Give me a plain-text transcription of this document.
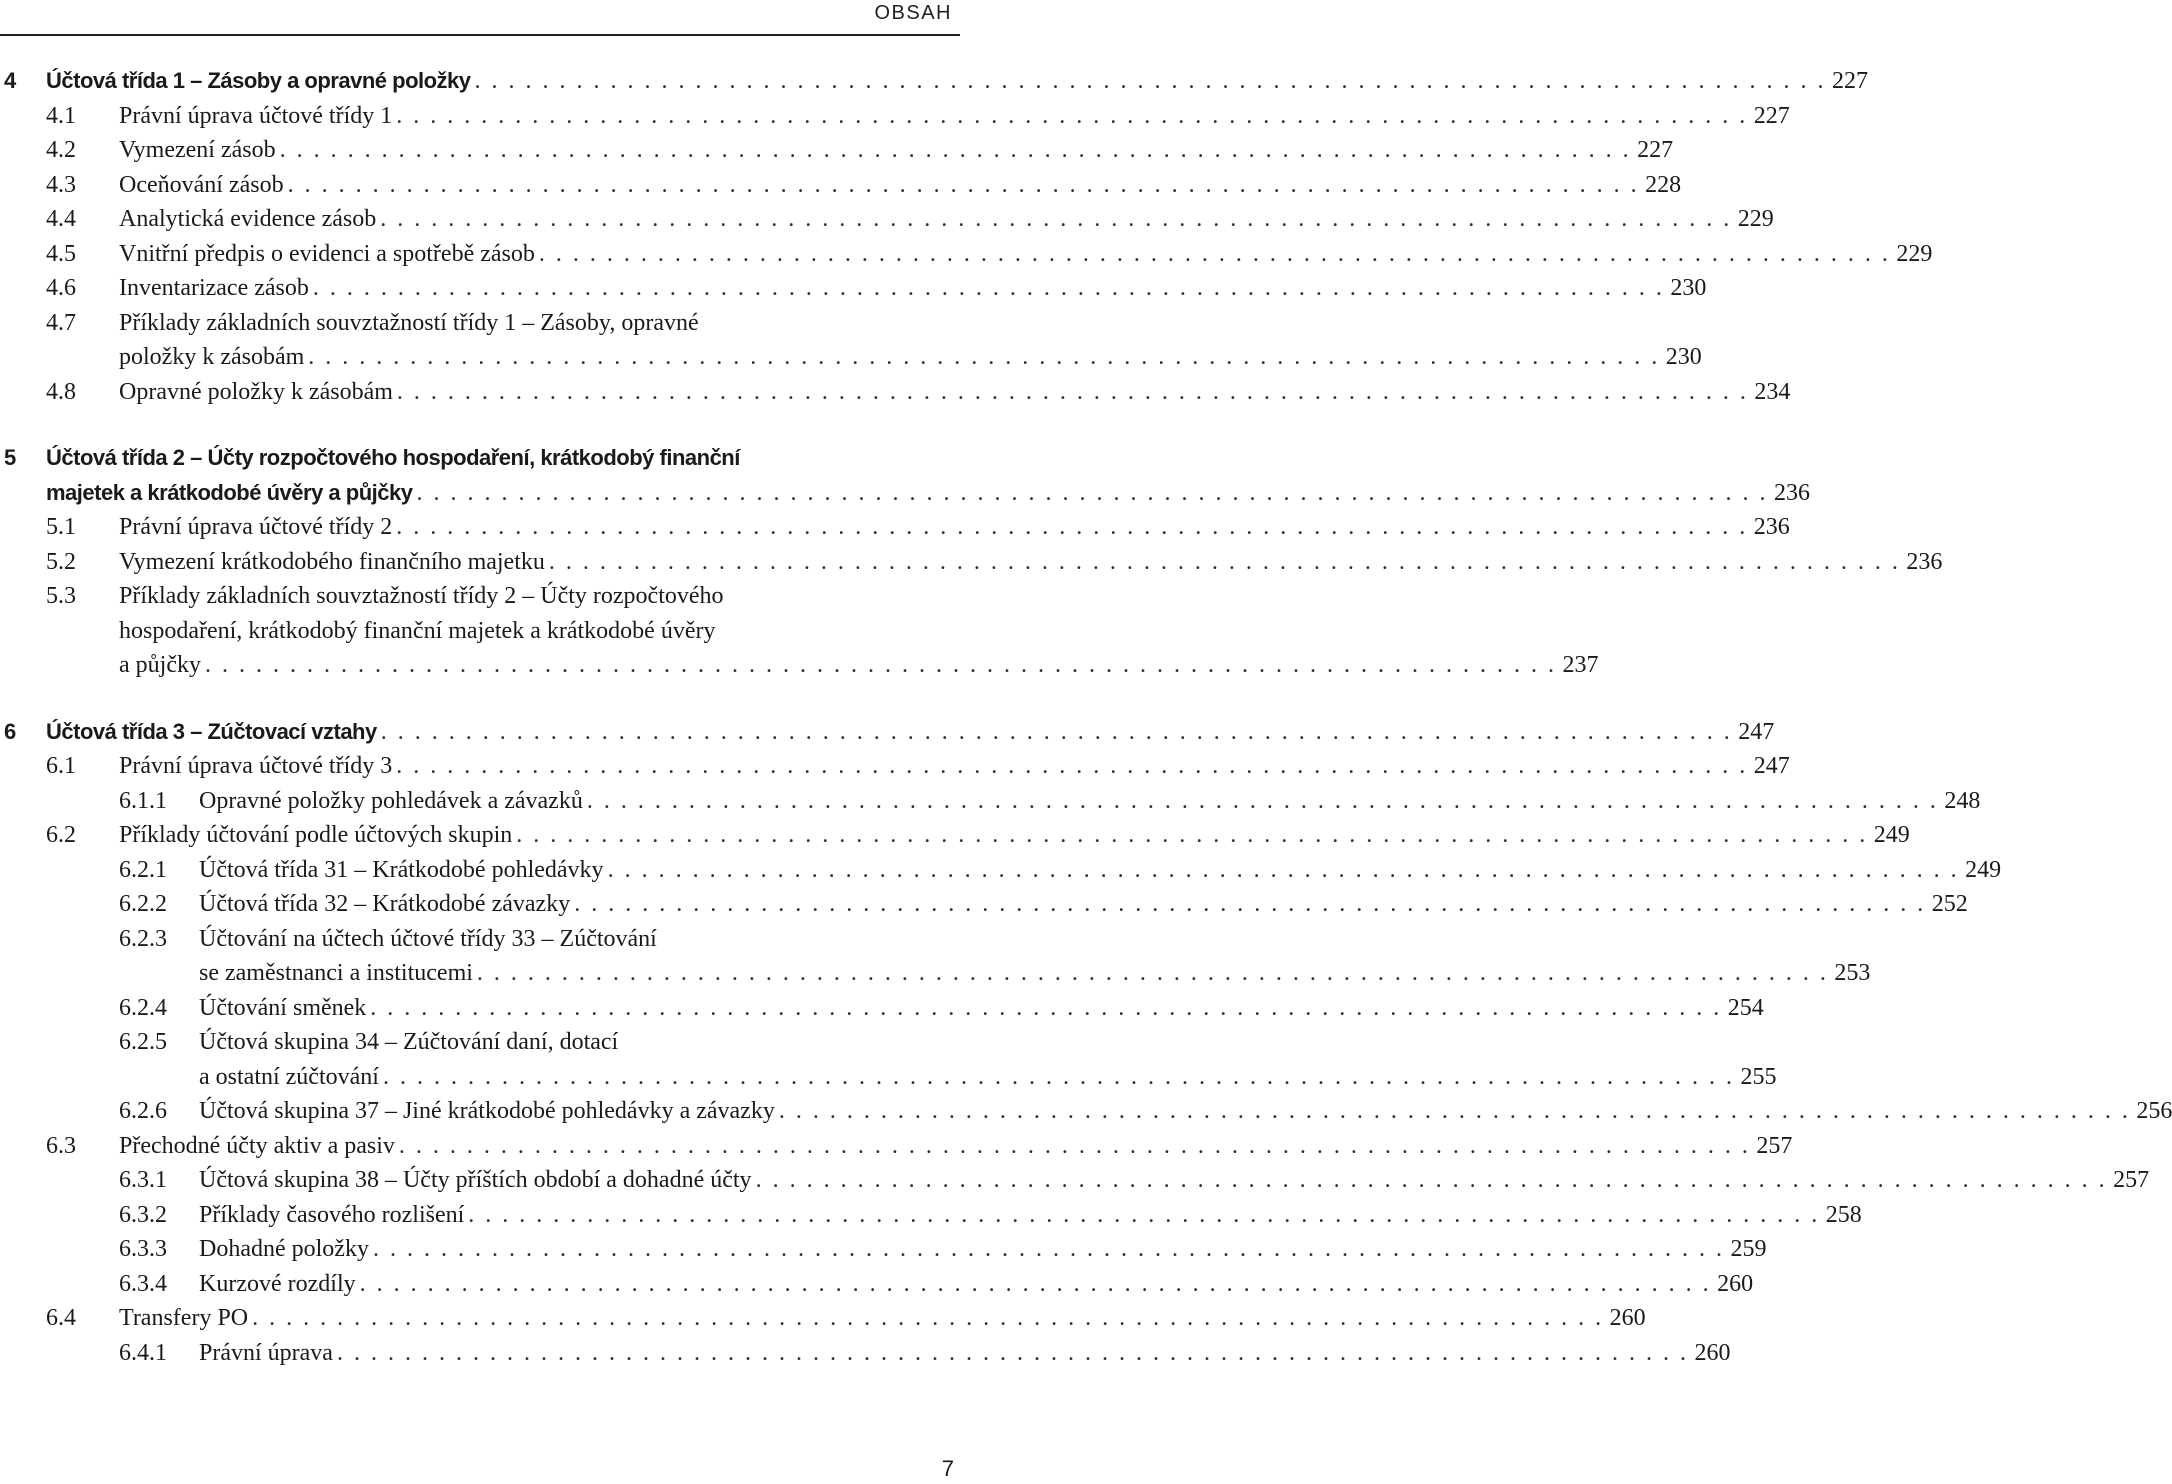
OBSAH
4 Účtová třída 1 – Zásoby a opravné položky . . . . . . . . . . . . . . . . . . . . . . . . . . . . . . . . . . . . . . . . . . . . . . . . . . . . . . . . . . . . . . . . . . . . . . . . . . . . . . . . 227
4.1 Právní úprava účtové třídy 1 . . . . . . . . . . . . . . . . . . . . . . . . . . . . . . . . . . . . . . . . . . . . . . . . . . . . . . . . . . . . . . . . . . . . . . . . . . . . . . . . 227
4.2 Vymezení zásob . . . . . . . . . . . . . . . . . . . . . . . . . . . . . . . . . . . . . . . . . . . . . . . . . . . . . . . . . . . . . . . . . . . . . . . . . . . . . . . . 227
4.3 Oceňování zásob . . . . . . . . . . . . . . . . . . . . . . . . . . . . . . . . . . . . . . . . . . . . . . . . . . . . . . . . . . . . . . . . . . . . . . . . . . . . . . . . 228
4.4 Analytická evidence zásob . . . . . . . . . . . . . . . . . . . . . . . . . . . . . . . . . . . . . . . . . . . . . . . . . . . . . . . . . . . . . . . . . . . . . . . . . . . . . . . . 229
4.5 Vnitřní předpis o evidenci a spotřebě zásob . . . . . . . . . . . . . . . . . . . . . . . . . . . . . . . . . . . . . . . . . . . . . . . . . . . . . . . . . . . . . . . . . . . . . . . . . . . . . . . . 229
4.6 Inventarizace zásob . . . . . . . . . . . . . . . . . . . . . . . . . . . . . . . . . . . . . . . . . . . . . . . . . . . . . . . . . . . . . . . . . . . . . . . . . . . . . . . . 230
4.7 Příklady základních souvztažností třídy 1 – Zásoby, opravné
položky k zásobám . . . . . . . . . . . . . . . . . . . . . . . . . . . . . . . . . . . . . . . . . . . . . . . . . . . . . . . . . . . . . . . . . . . . . . . . . . . . . . . . 230
4.8 Opravné položky k zásobám . . . . . . . . . . . . . . . . . . . . . . . . . . . . . . . . . . . . . . . . . . . . . . . . . . . . . . . . . . . . . . . . . . . . . . . . . . . . . . . . 234
5 Účtová třída 2 – Účty rozpočtového hospodaření, krátkodobý finanční
majetek a krátkodobé úvěry a půjčky . . . . . . . . . . . . . . . . . . . . . . . . . . . . . . . . . . . . . . . . . . . . . . . . . . . . . . . . . . . . . . . . . . . . . . . . . . . . . . . . 236
5.1 Právní úprava účtové třídy 2 . . . . . . . . . . . . . . . . . . . . . . . . . . . . . . . . . . . . . . . . . . . . . . . . . . . . . . . . . . . . . . . . . . . . . . . . . . . . . . . . 236
5.2 Vymezení krátkodobého finančního majetku . . . . . . . . . . . . . . . . . . . . . . . . . . . . . . . . . . . . . . . . . . . . . . . . . . . . . . . . . . . . . . . . . . . . . . . . . . . . . . . . 236
5.3 Příklady základních souvztažností třídy 2 – Účty rozpočtového
hospodaření, krátkodobý finanční majetek a krátkodobé úvěry
a půjčky . . . . . . . . . . . . . . . . . . . . . . . . . . . . . . . . . . . . . . . . . . . . . . . . . . . . . . . . . . . . . . . . . . . . . . . . . . . . . . . . 237
6 Účtová třída 3 – Zúčtovací vztahy . . . . . . . . . . . . . . . . . . . . . . . . . . . . . . . . . . . . . . . . . . . . . . . . . . . . . . . . . . . . . . . . . . . . . . . . . . . . . . . . 247
6.1 Právní úprava účtové třídy 3 . . . . . . . . . . . . . . . . . . . . . . . . . . . . . . . . . . . . . . . . . . . . . . . . . . . . . . . . . . . . . . . . . . . . . . . . . . . . . . . . 247
6.1.1 Opravné položky pohledávek a závazků . . . . . . . . . . . . . . . . . . . . . . . . . . . . . . . . . . . . . . . . . . . . . . . . . . . . . . . . . . . . . . . . . . . . . . . . . . . . . . . . 248
6.2 Příklady účtování podle účtových skupin . . . . . . . . . . . . . . . . . . . . . . . . . . . . . . . . . . . . . . . . . . . . . . . . . . . . . . . . . . . . . . . . . . . . . . . . . . . . . . . . 249
6.2.1 Účtová třída 31 – Krátkodobé pohledávky . . . . . . . . . . . . . . . . . . . . . . . . . . . . . . . . . . . . . . . . . . . . . . . . . . . . . . . . . . . . . . . . . . . . . . . . . . . . . . . . 249
6.2.2 Účtová třída 32 – Krátkodobé závazky . . . . . . . . . . . . . . . . . . . . . . . . . . . . . . . . . . . . . . . . . . . . . . . . . . . . . . . . . . . . . . . . . . . . . . . . . . . . . . . . 252
6.2.3 Účtování na účtech účtové třídy 33 – Zúčtování
se zaměstnanci a institucemi . . . . . . . . . . . . . . . . . . . . . . . . . . . . . . . . . . . . . . . . . . . . . . . . . . . . . . . . . . . . . . . . . . . . . . . . . . . . . . . . 253
6.2.4 Účtování směnek . . . . . . . . . . . . . . . . . . . . . . . . . . . . . . . . . . . . . . . . . . . . . . . . . . . . . . . . . . . . . . . . . . . . . . . . . . . . . . . . 254
6.2.5 Účtová skupina 34 – Zúčtování daní, dotací
a ostatní zúčtování . . . . . . . . . . . . . . . . . . . . . . . . . . . . . . . . . . . . . . . . . . . . . . . . . . . . . . . . . . . . . . . . . . . . . . . . . . . . . . . . 255
6.2.6 Účtová skupina 37 – Jiné krátkodobé pohledávky a závazky . . . . . . . . . . . . . . . . . . . . . . . . . . . . . . . . . . . . . . . . . . . . . . . . . . . . . . . . . . . . . . . . . . . . . . . . . . . . . . . . 256
6.3 Přechodné účty aktiv a pasiv . . . . . . . . . . . . . . . . . . . . . . . . . . . . . . . . . . . . . . . . . . . . . . . . . . . . . . . . . . . . . . . . . . . . . . . . . . . . . . . . 257
6.3.1 Účtová skupina 38 – Účty příštích období a dohadné účty . . . . . . . . . . . . . . . . . . . . . . . . . . . . . . . . . . . . . . . . . . . . . . . . . . . . . . . . . . . . . . . . . . . . . . . . . . . . . . . . 257
6.3.2 Příklady časového rozlišení . . . . . . . . . . . . . . . . . . . . . . . . . . . . . . . . . . . . . . . . . . . . . . . . . . . . . . . . . . . . . . . . . . . . . . . . . . . . . . . . 258
6.3.3 Dohadné položky . . . . . . . . . . . . . . . . . . . . . . . . . . . . . . . . . . . . . . . . . . . . . . . . . . . . . . . . . . . . . . . . . . . . . . . . . . . . . . . . 259
6.3.4 Kurzové rozdíly . . . . . . . . . . . . . . . . . . . . . . . . . . . . . . . . . . . . . . . . . . . . . . . . . . . . . . . . . . . . . . . . . . . . . . . . . . . . . . . . 260
6.4 Transfery PO . . . . . . . . . . . . . . . . . . . . . . . . . . . . . . . . . . . . . . . . . . . . . . . . . . . . . . . . . . . . . . . . . . . . . . . . . . . . . . . . 260
6.4.1 Právní úprava . . . . . . . . . . . . . . . . . . . . . . . . . . . . . . . . . . . . . . . . . . . . . . . . . . . . . . . . . . . . . . . . . . . . . . . . . . . . . . . . 260
7
